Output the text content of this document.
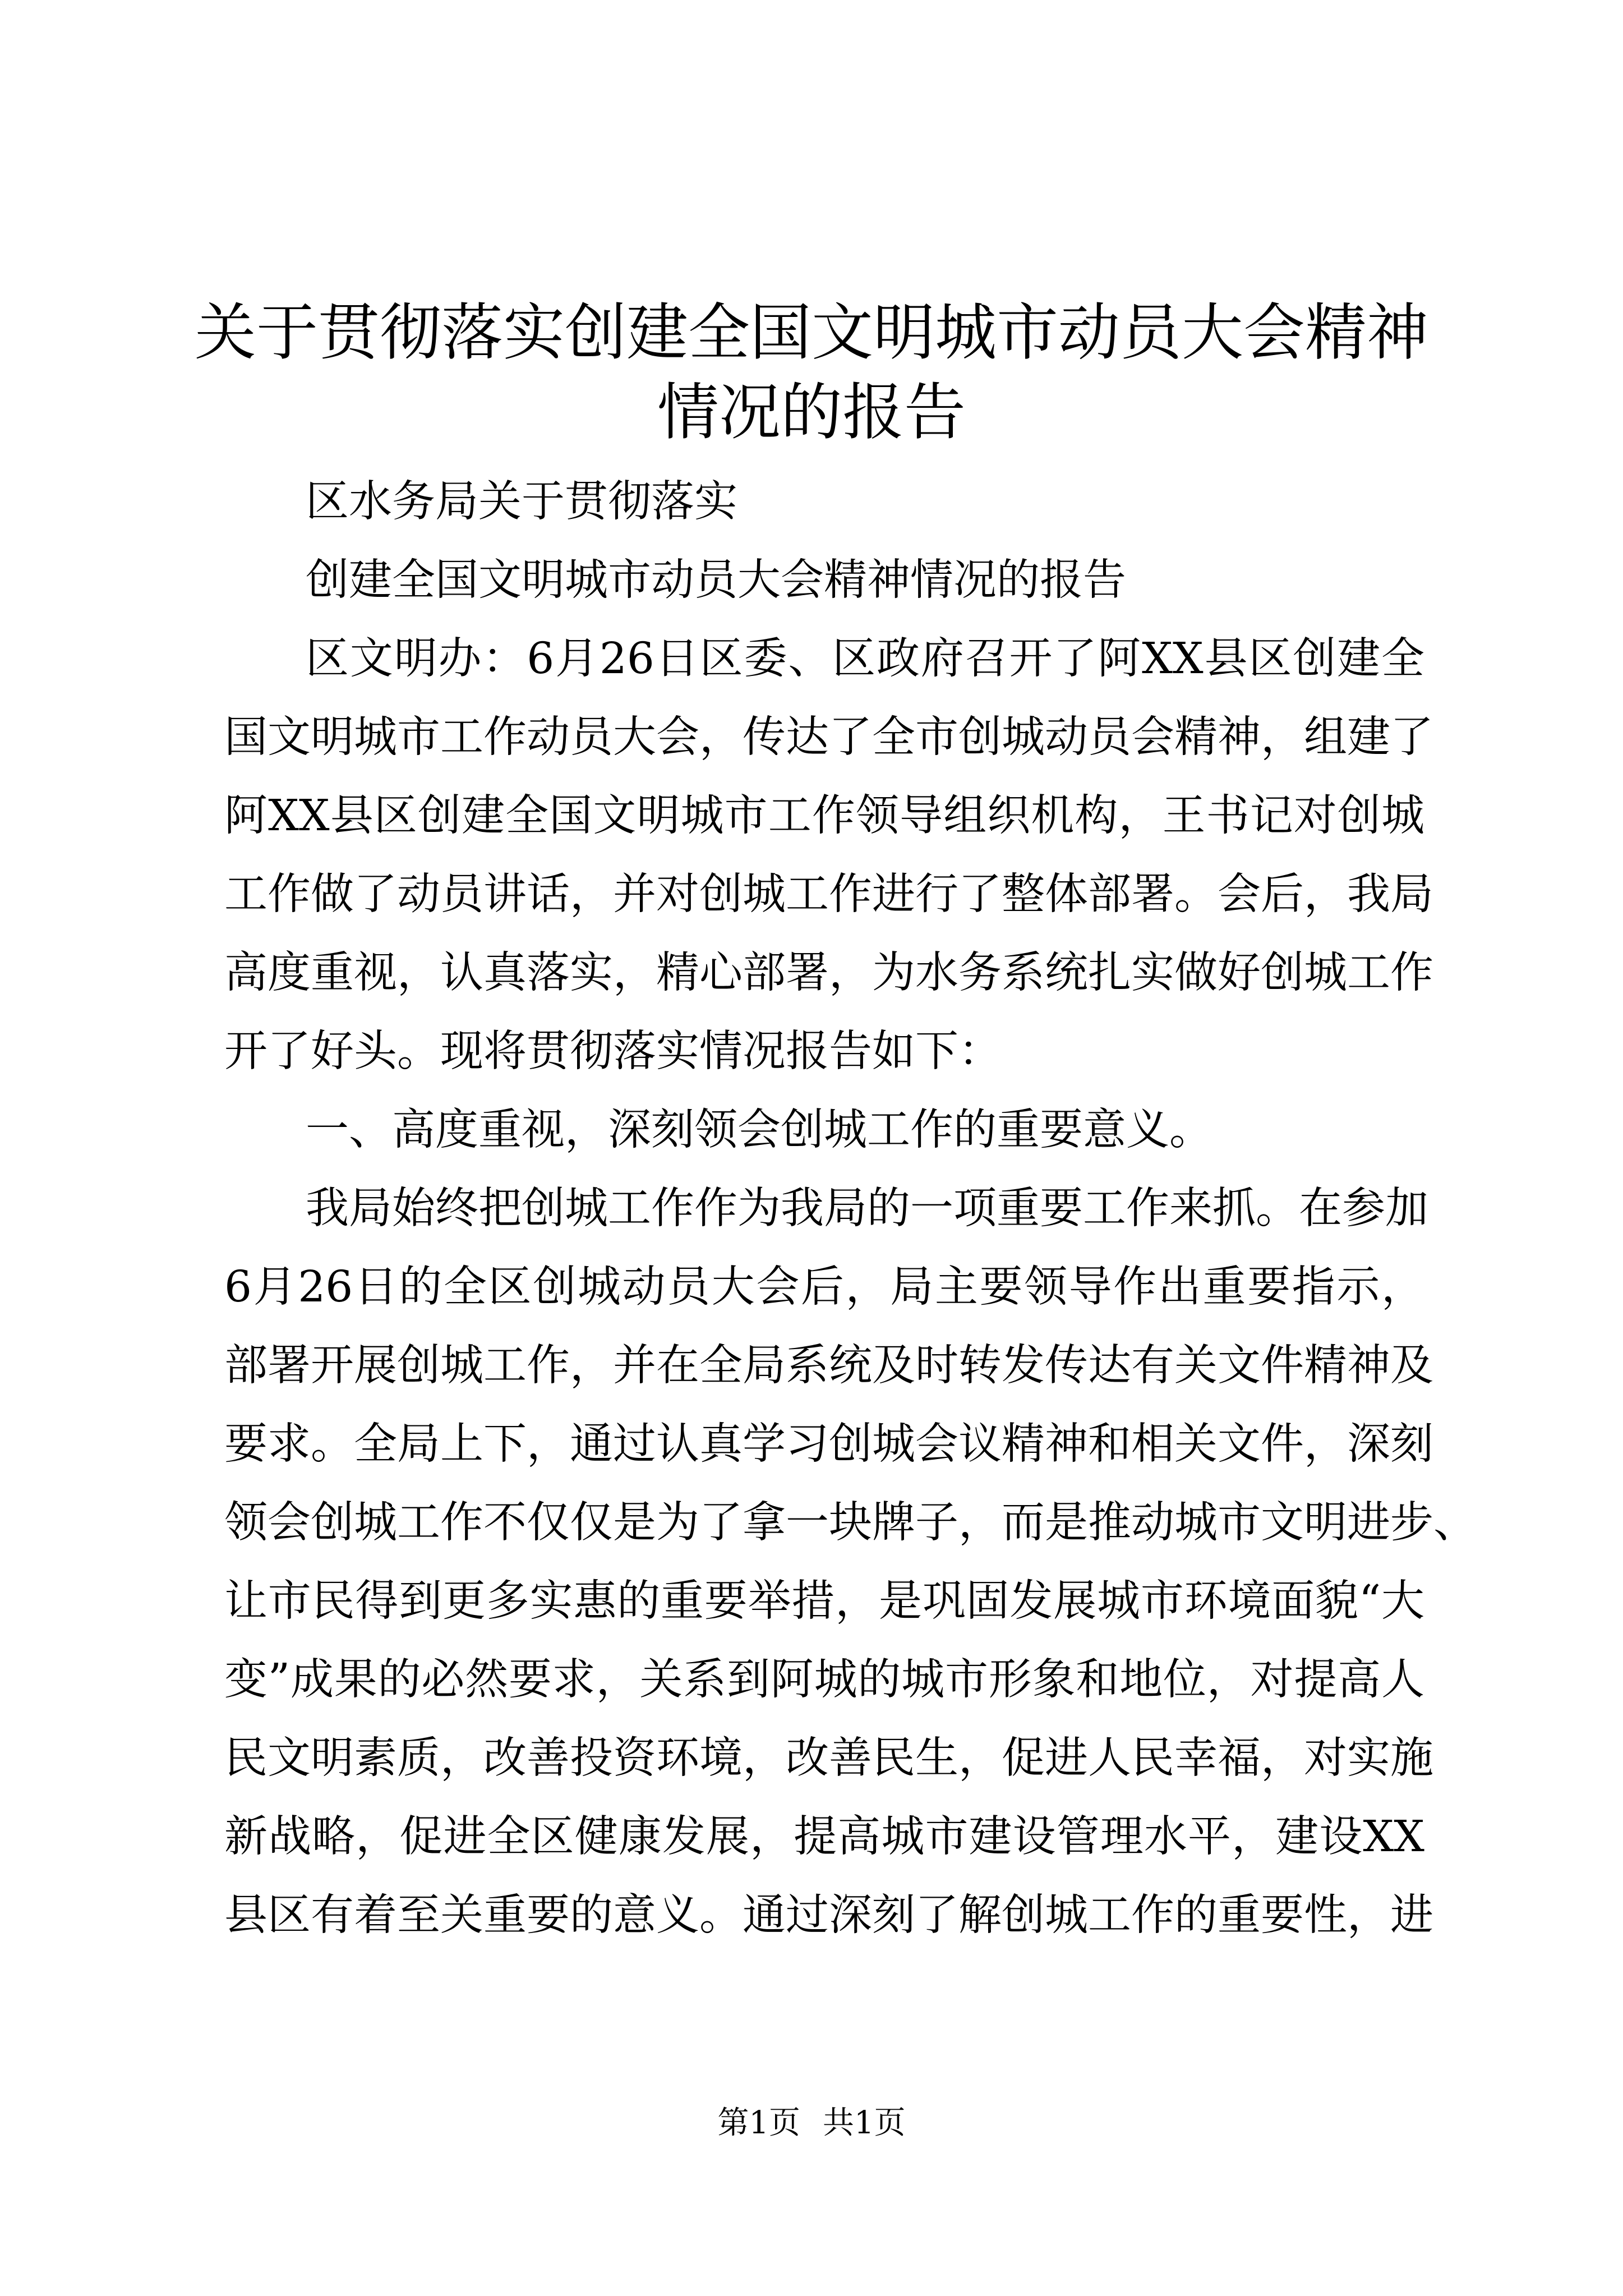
关于贯彻落实创建全国文明城市动员大会精神
情况的报告
区水务局关于贯彻落实
创建全国文明城市动员大会精神情况的报告
区文明办：6月26日区委、区政府召开了阿XX县区创建全
国文明城市工作动员大会，传达了全市创城动员会精神，组建了
阿XX县区创建全国文明城市工作领导组织机构，王书记对创城
工作做了动员讲话，并对创城工作进行了整体部署。会后，我局
高度重视，认真落实，精心部署，为水务系统扎实做好创城工作
开了好头。现将贯彻落实情况报告如下：
一、高度重视，深刻领会创城工作的重要意义。
我局始终把创城工作作为我局的一项重要工作来抓。在参加
6月26日的全区创城动员大会后，局主要领导作出重要指示，
部署开展创城工作，并在全局系统及时转发传达有关文件精神及
要求。全局上下，通过认真学习创城会议精神和相关文件，深刻
领会创城工作不仅仅是为了拿一块牌子，而是推动城市文明进步、
让市民得到更多实惠的重要举措，是巩固发展城市环境面貌“大
变”成果的必然要求，关系到阿城的城市形象和地位，对提高人
民文明素质，改善投资环境，改善民生，促进人民幸福，对实施
新战略，促进全区健康发展，提高城市建设管理水平，建设XX
县区有着至关重要的意义。通过深刻了解创城工作的重要性，进
第1页 共1页
